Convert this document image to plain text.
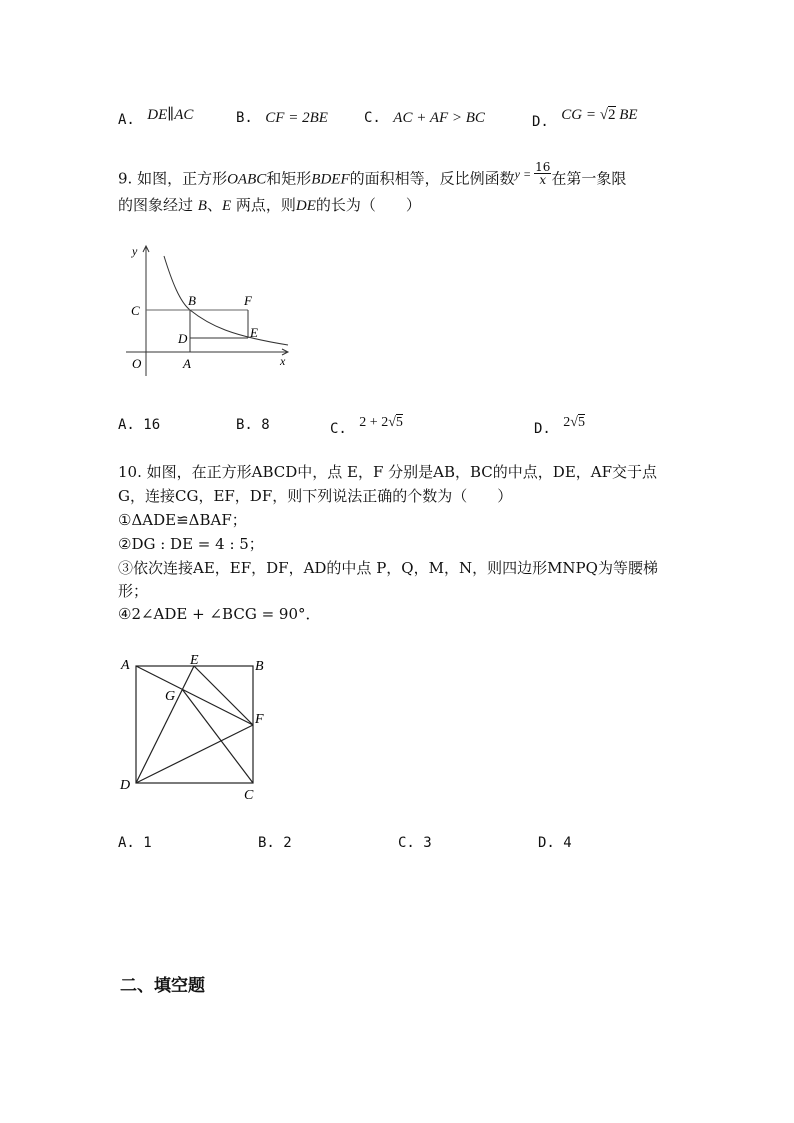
A. DE∥AC	B. CF = 2BE	C. AC + AF > BC	D. CG = √2 BE
9. 如图，正方形OABC和矩形BDEF的面积相等，反比例函数$^{y =} \frac{16}{x}$ 在第一象限
的图象经过 B、E 两点，则DE的长为（　　）
y
x
O
C
B	F
D	E
A
A. 16	B. 8	C. 2 + 2√5	D. 2√5
10. 如图，在正方形ABCD中，点 E，F 分别是AB，BC的中点，DE，AF交于点
G，连接CG，EF，DF，则下列说法正确的个数为（　　）
①ΔADE≌ΔBAF；
②DG : DE = 4 : 5；
③依次连接AE，EF，DF，AD的中点 P，Q，M，N，则四边形MNPQ为等腰梯
形；
④2∠ADE + ∠BCG = 90°．
A	E	B
G
F
D
C
A. 1	B. 2	C. 3	D. 4
二、填空题
